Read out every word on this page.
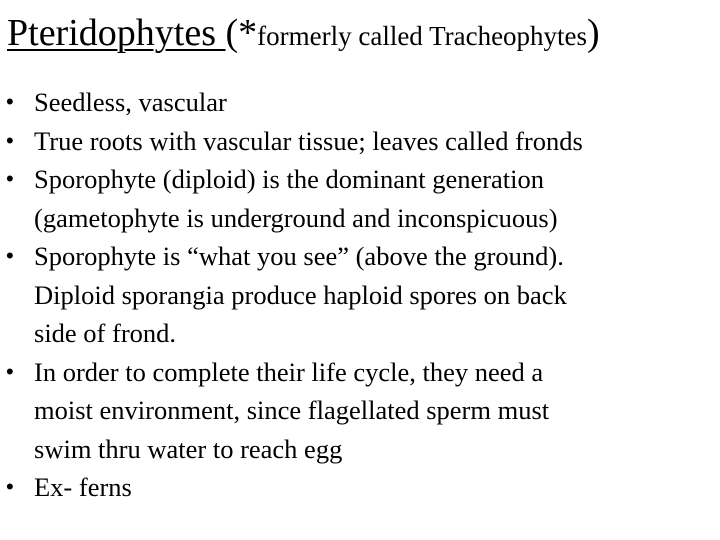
Pteridophytes (*formerly called Tracheophytes)
• Seedless, vascular
• True roots with vascular tissue; leaves called fronds
• Sporophyte (diploid) is the dominant generation
(gametophyte is underground and inconspicuous)
• Sporophyte is “what you see” (above the ground).
Diploid sporangia produce haploid spores on back
side of frond.
• In order to complete their life cycle, they need a
moist environment, since flagellated sperm must
swim thru water to reach egg
• Ex- ferns
